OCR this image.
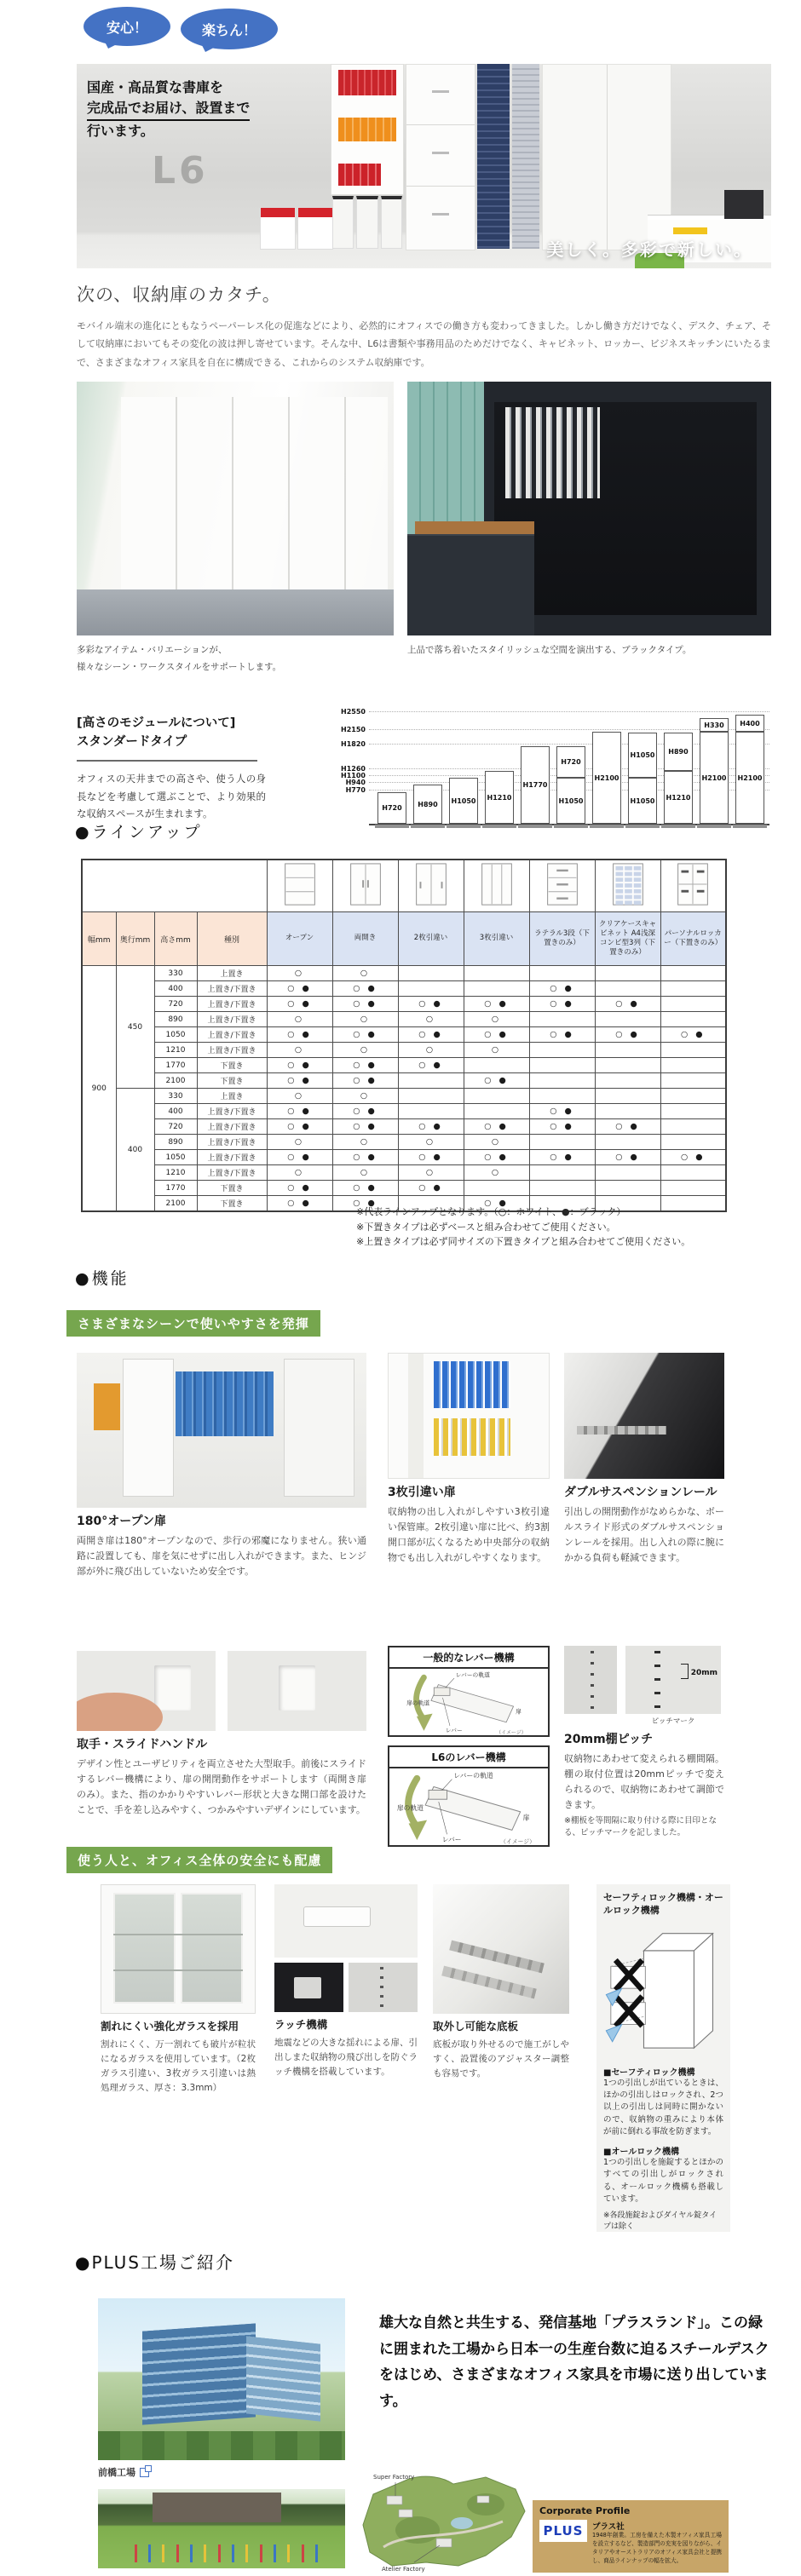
安心！	楽ちん！
国産・高品質な書庫を
完成品でお届け、設置まで
行います。
L6
美しく。多彩で新しい。
次の、収納庫のカタチ。
モバイル端末の進化にともなうペーパーレス化の促進などにより、必然的にオフィスでの働き方も変わってきました。しかし働き方だけでなく、デスク、チェア、そして収納庫においてもその変化の波は押し寄せています。そんな中、L6は書類や事務用品のためだけでなく、キャビネット、ロッカー、ビジネスキッチンにいたるまで、さまざまなオフィス家具を自在に構成できる、これからのシステム収納庫です。
多彩なアイテム・バリエーションが、
様々なシーン・ワークスタイルをサポートします。
上品で落ち着いたスタイリッシュな空間を演出する、ブラックタイプ。
[高さのモジュールについて]
スタンダードタイプ
オフィスの天井までの高さや、使う人の身長などを考慮して選ぶことで、より効果的な収納スペースが生まれます。
H2550
H2150
H1820
H1260
H1100
H940
H770
H720	H890	H1050	H1210
H1770
H1050
H720
H2100
H1050
H1050
H1210
H890
H2100
H330
H2100
H400
●ラインアップ

幅mm	奥行mm	高さmm	種別	オープン	両開き	2枚引違い	3枚引違い	ラテラル3段（下置きのみ）	クリアケースキャビネット A4浅深コンビ型3列（下置きのみ）	パーソナルロッカー（下置きのみ）
900	450	330	上置き	○	○					
		400	上置き/下置き	○ ●	○ ●			○ ●		
		720	上置き/下置き	○ ●	○ ●	○ ●	○ ●	○ ●	○ ●	
		890	上置き/下置き	○	○	○	○			
		1050	上置き/下置き	○ ●	○ ●	○ ●	○ ●	○ ●	○ ●	○ ●
		1210	上置き/下置き	○	○	○	○			
		1770	下置き	○ ●	○ ●	○ ●				
		2100	下置き	○ ●	○ ●		○ ●			
	400	330	上置き	○	○					
		400	上置き/下置き	○ ●	○ ●			○ ●		
		720	上置き/下置き	○ ●	○ ●	○ ●	○ ●	○ ●	○ ●	
		890	上置き/下置き	○	○	○	○			
		1050	上置き/下置き	○ ●	○ ●	○ ●	○ ●	○ ●	○ ●	○ ●
		1210	上置き/下置き	○	○	○	○			
		1770	下置き	○ ●	○ ●	○ ●				
		2100	下置き	○ ●	○ ●		○ ●			
※代表ラインアップとなります。（○：ホワイト、●：ブラック）
※下置きタイプは必ずベースと組み合わせてご使用ください。
※上置きタイプは必ず同サイズの下置きタイプと組み合わせてご使用ください。
●機能
さまざまなシーンで使いやすさを発揮
180°オープン扉
両開き扉は180°オープンなので、歩行の邪魔になりません。狭い通路に設置しても、扉を気にせずに出し入れができます。また、ヒンジ部が外に飛び出していないため安全です。
3枚引違い扉
収納物の出し入れがしやすい3枚引違い保管庫。2枚引違い扉に比べ、約3割開口部が広くなるため中央部分の収納物でも出し入れがしやすくなります。
ダブルサスペンションレール
引出しの開閉動作がなめらかな、ボールスライド形式のダブルサスペンションレールを採用。出し入れの際に腕にかかる負荷も軽減できます。
取手・スライドハンドル
デザイン性とユーザビリティを両立させた大型取手。前後にスライドするレバー機構により、扉の開閉動作をサポートします（両開き扉のみ）。また、指のかかりやすいレバー形状と大きな開口部を設けたことで、手を差し込みやすく、つかみやすいデザインにしています。
一般的なレバー機構
レバーの軌道
扉
レバー
扉の軌道
（イメージ）
L6のレバー機構
レバーの軌道
扉
レバー
扉の軌道
（イメージ）
20mm
ピッチマーク
20mm棚ピッチ
収納物にあわせて変えられる棚間隔。棚の取付位置は20mmピッチで変えられるので、収納物にあわせて調節できます。
※棚板を等間隔に取り付ける際に目印となる、ピッチマークを記しました。
使う人と、オフィス全体の安全にも配慮
割れにくい強化ガラスを採用
割れにくく、万一割れても破片が粒状になるガラスを使用しています。（2枚ガラス引違い、3枚ガラス引違いは熱処理ガラス、厚さ：3.3mm）
ラッチ機構
地震などの大きな揺れによる扉、引出しまた収納物の飛び出しを防ぐラッチ機構を搭載しています。
取外し可能な底板
底板が取り外せるので施工がしやすく、設置後のアジャスター調整も容易です。
セーフティロック機構・オールロック機構
■セーフティロック機構
1つの引出しが出ているときは、ほかの引出しはロックされ、2つ以上の引出しは同時に開かないので、収納物の重みにより本体が前に倒れる事故を防ぎます。
■オールロック機構
1つの引出しを施錠するとほかのすべての引出しがロックされる、オールロック機構も搭載しています。
※各段施錠およびダイヤル錠タイプは除く
●PLUS工場ご紹介
前橋工場
雄大な自然と共生する、発信基地「プラスランド」。この緑に囲まれた工場から日本一の生産台数に迫るスチールデスクをはじめ、さまざまなオフィス家具を市場に送り出しています。
Super Factory
Atelier Factory
Corporate Profile
PLUS	プラス社
1948年創業。工房を備えた木製オフィス家具工場を設立するなど、製造部門の充実を図りながら、イタリアやオーストラリアのオフィス家具会社と提携し、商品ラインナップの幅を拡大。
